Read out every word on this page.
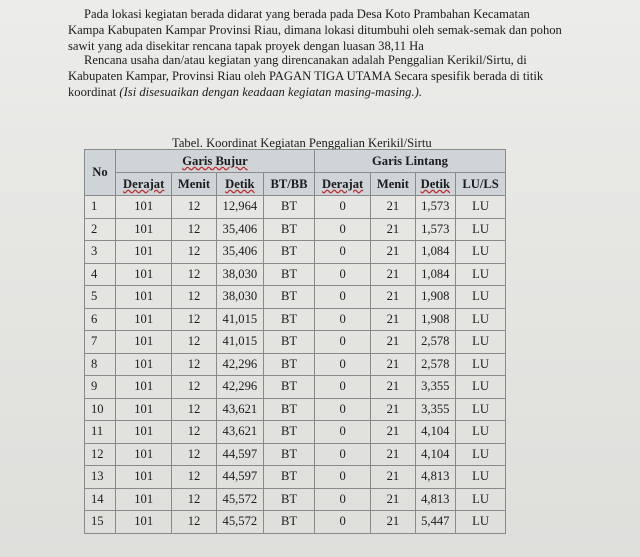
Pada lokasi kegiatan berada didarat yang berada pada Desa Koto Prambahan Kecamatan Kampa Kabupaten Kampar Provinsi Riau, dimana lokasi ditumbuhi oleh semak-semak dan pohon sawit yang ada disekitar rencana tapak proyek dengan luasan 38,11 Ha

Rencana usaha dan/atau kegiatan yang direncanakan adalah Penggalian Kerikil/Sirtu, di Kabupaten Kampar, Provinsi Riau oleh PAGAN TIGA UTAMA Secara spesifik berada di titik koordinat (Isi disesuaikan dengan keadaan kegiatan masing-masing.).

Tabel. Koordinat Kegiatan Penggalian Kerikil/Sirtu

No	Garis Bujur				Garis Lintang			
	Derajat	Menit	Detik	BT/BB	Derajat	Menit	Detik	LU/LS
1	101	12	12,964	BT	0	21	1,573	LU
2	101	12	35,406	BT	0	21	1,573	LU
3	101	12	35,406	BT	0	21	1,084	LU
4	101	12	38,030	BT	0	21	1,084	LU
5	101	12	38,030	BT	0	21	1,908	LU
6	101	12	41,015	BT	0	21	1,908	LU
7	101	12	41,015	BT	0	21	2,578	LU
8	101	12	42,296	BT	0	21	2,578	LU
9	101	12	42,296	BT	0	21	3,355	LU
10	101	12	43,621	BT	0	21	3,355	LU
11	101	12	43,621	BT	0	21	4,104	LU
12	101	12	44,597	BT	0	21	4,104	LU
13	101	12	44,597	BT	0	21	4,813	LU
14	101	12	45,572	BT	0	21	4,813	LU
15	101	12	45,572	BT	0	21	5,447	LU
